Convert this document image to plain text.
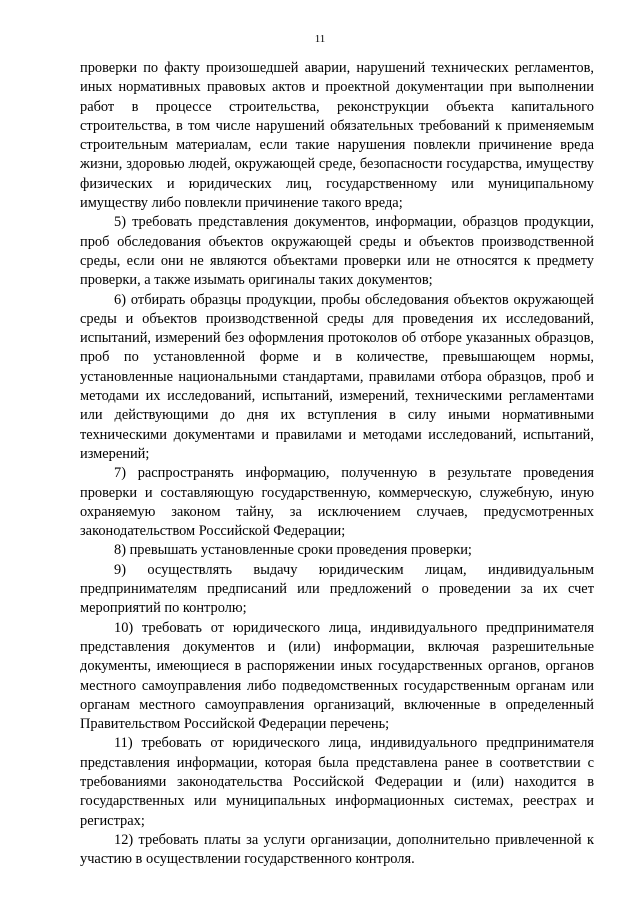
11

проверки по факту произошедшей аварии, нарушений технических регламентов, иных нормативных правовых актов и проектной документации при выполнении работ в процессе строительства, реконструкции объекта капитального строительства, в том числе нарушений обязательных требований к применяемым строительным материалам, если такие нарушения повлекли причинение вреда жизни, здоровью людей, окружающей среде, безопасности государства, имуществу физических и юридических лиц, государственному или муниципальному имуществу либо повлекли причинение такого вреда;

5) требовать представления документов, информации, образцов продукции, проб обследования объектов окружающей среды и объектов производственной среды, если они не являются объектами проверки или не относятся к предмету проверки, а также изымать оригиналы таких документов;

6) отбирать образцы продукции, пробы обследования объектов окружающей среды и объектов производственной среды для проведения их исследований, испытаний, измерений без оформления протоколов об отборе указанных образцов, проб по установленной форме и в количестве, превышающем нормы, установленные национальными стандартами, правилами отбора образцов, проб и методами их исследований, испытаний, измерений, техническими регламентами или действующими до дня их вступления в силу иными нормативными техническими документами и правилами и методами исследований, испытаний, измерений;

7) распространять информацию, полученную в результате проведения проверки и составляющую государственную, коммерческую, служебную, иную охраняемую законом тайну, за исключением случаев, предусмотренных законодательством Российской Федерации;

8) превышать установленные сроки проведения проверки;

9) осуществлять выдачу юридическим лицам, индивидуальным предпринимателям предписаний или предложений о проведении за их счет мероприятий по контролю;

10) требовать от юридического лица, индивидуального предпринимателя представления документов и (или) информации, включая разрешительные документы, имеющиеся в распоряжении иных государственных органов, органов местного самоуправления либо подведомственных государственным органам или органам местного самоуправления организаций, включенные в определенный Правительством Российской Федерации перечень;

11) требовать от юридического лица, индивидуального предпринимателя представления информации, которая была представлена ранее в соответствии с требованиями законодательства Российской Федерации и (или) находится в государственных или муниципальных информационных системах, реестрах и регистрах;

12) требовать платы за услуги организации, дополнительно привлеченной к участию в осуществлении государственного контроля.
